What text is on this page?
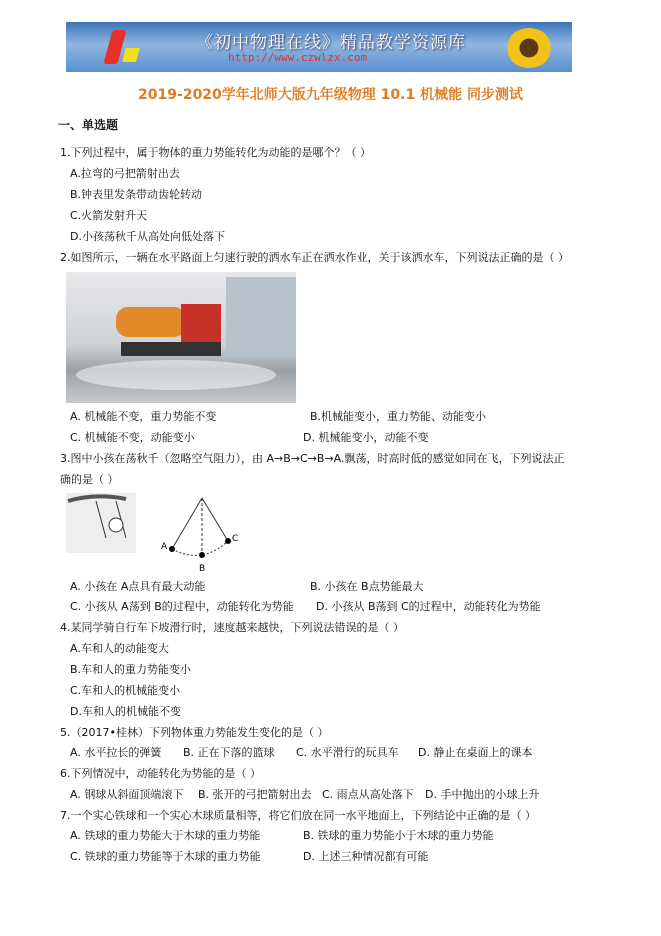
《初中物理在线》精品教学资源库
http://www.czwlzx.com
2019-2020学年北师大版九年级物理 10.1 机械能 同步测试
一、单选题
1.下列过程中，属于物体的重力势能转化为动能的是哪个？（ ）
A.拉弯的弓把箭射出去
B.钟表里发条带动齿轮转动
C.火箭发射升天
D.小孩荡秋千从高处向低处落下
2.如图所示，一辆在水平路面上匀速行驶的洒水车正在洒水作业，关于该洒水车，下列说法正确的是（ ）
A. 机械能不变，重力势能不变	B.机械能变小，重力势能、动能变小
C. 机械能不变，动能变小	D. 机械能变小，动能不变
3.图中小孩在荡秋千（忽略空气阻力），由 A→B→C→B→A.飘荡，时高时低的感觉如同在飞，下列说法正
确的是（ ）
A
B
C
A. 小孩在 A点具有最大动能	B. 小孩在 B点势能最大
C. 小孩从 A荡到 B的过程中，动能转化为势能 D. 小孩从 B荡到 C的过程中，动能转化为势能
4.某同学骑自行车下坡滑行时，速度越来越快，下列说法错误的是（ ）
A.车和人的动能变大
B.车和人的重力势能变小
C.车和人的机械能变小
D.车和人的机械能不变
5.（2017•桂林）下列物体重力势能发生变化的是（ ）
A. 水平拉长的弹簧 B. 正在下落的篮球 C. 水平滑行的玩具车 D. 静止在桌面上的课本
6.下列情况中，动能转化为势能的是（ ）
A. 钢球从斜面顶端滚下 B. 张开的弓把箭射出去 C. 雨点从高处落下 D. 手中抛出的小球上升
7.一个实心铁球和一个实心木球质量相等，将它们放在同一水平地面上，下列结论中正确的是（ ）
A. 铁球的重力势能大于木球的重力势能	B. 铁球的重力势能小于木球的重力势能
C. 铁球的重力势能等于木球的重力势能	D. 上述三种情况都有可能
